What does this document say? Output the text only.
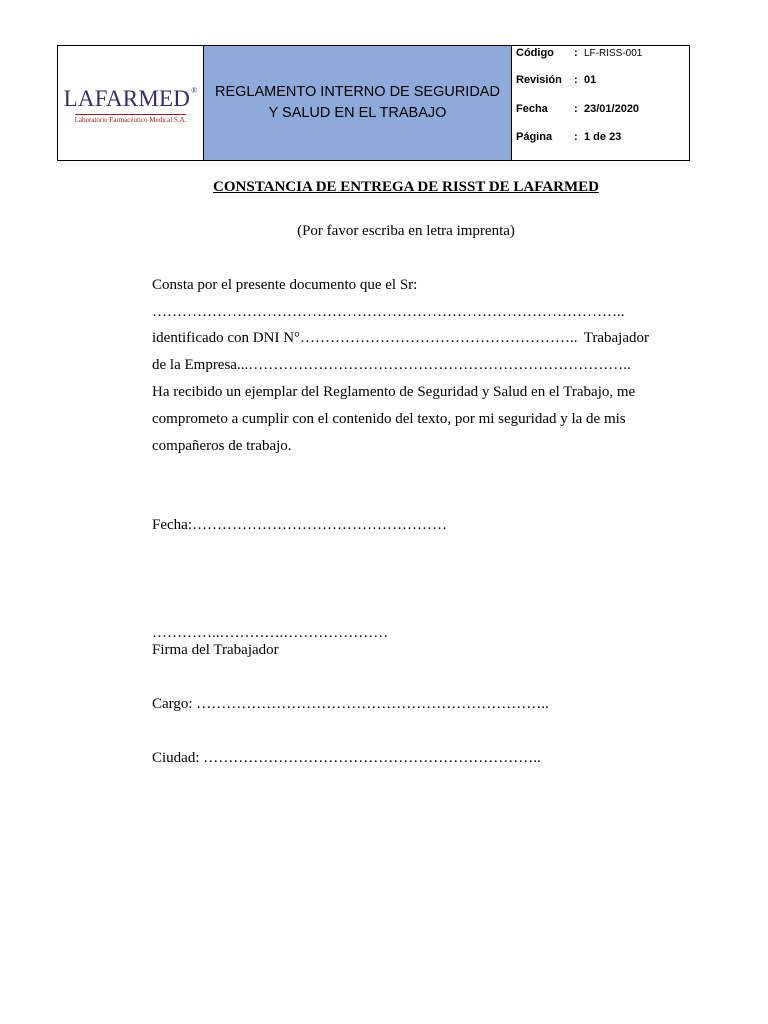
LAFARMED®
Laboratorio Farmacéutico Medical S.A.
REGLAMENTO INTERNO DE SEGURIDAD
Y SALUD EN EL TRABAJO
Código	: LF-RISS-001
Revisión	: 01
Fecha	: 23/01/2020
Página	: 1 de 23
CONSTANCIA DE ENTREGA DE RISST DE LAFARMED
(Por favor escriba en letra imprenta)
Consta por el presente documento que el Sr:
…………………………………………………………………………………..
identificado con DNI N°……………………………………………….. Trabajador
de la Empresa...…………………………………………………………………..
Ha recibido un ejemplar del Reglamento de Seguridad y Salud en el Trabajo, me
comprometo a cumplir con el contenido del texto, por mi seguridad y la de mis
compañeros de trabajo.
Fecha:……………………………………………
…………..………….…………………
Firma del Trabajador
Cargo: ……………………………………………………………..
Ciudad: …………………………………………………………..
